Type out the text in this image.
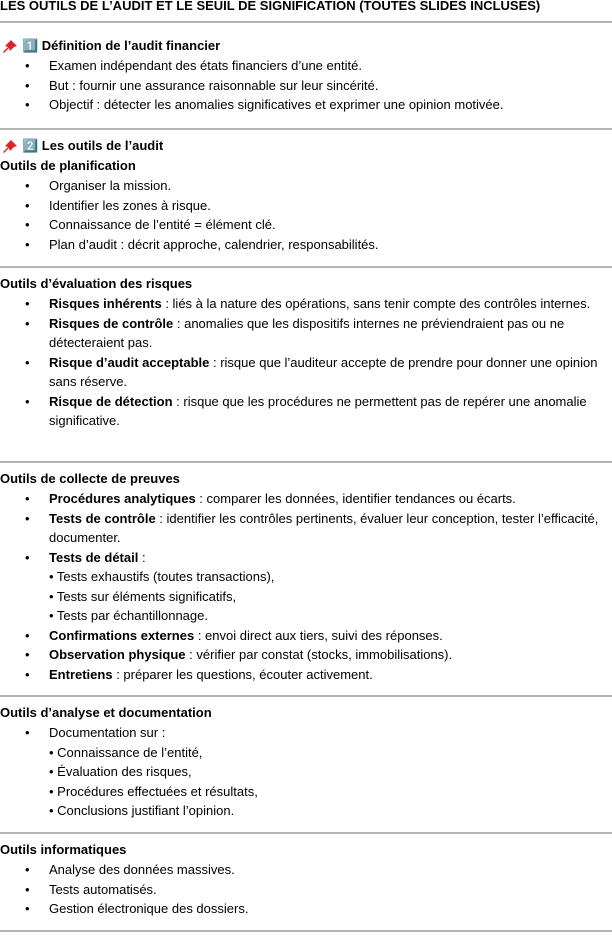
LES OUTILS DE L’AUDIT ET LE SEUIL DE SIGNIFICATION (TOUTES SLIDES INCLUSES)
1️⃣ Définition de l’audit financier
• Examen indépendant des états financiers d’une entité.
• But : fournir une assurance raisonnable sur leur sincérité.
• Objectif : détecter les anomalies significatives et exprimer une opinion motivée.
2️⃣ Les outils de l’audit
Outils de planification
• Organiser la mission.
• Identifier les zones à risque.
• Connaissance de l’entité = élément clé.
• Plan d’audit : décrit approche, calendrier, responsabilités.
Outils d’évaluation des risques
• Risques inhérents : liés à la nature des opérations, sans tenir compte des contrôles internes.
• Risques de contrôle : anomalies que les dispositifs internes ne préviendraient pas ou ne détecteraient pas.
• Risque d’audit acceptable : risque que l’auditeur accepte de prendre pour donner une opinion sans réserve.
• Risque de détection : risque que les procédures ne permettent pas de repérer une anomalie significative.
Outils de collecte de preuves
• Procédures analytiques : comparer les données, identifier tendances ou écarts.
• Tests de contrôle : identifier les contrôles pertinents, évaluer leur conception, tester l’efficacité, documenter.
• Tests de détail :
• Tests exhaustifs (toutes transactions),
• Tests sur éléments significatifs,
• Tests par échantillonnage.
• Confirmations externes : envoi direct aux tiers, suivi des réponses.
• Observation physique : vérifier par constat (stocks, immobilisations).
• Entretiens : préparer les questions, écouter activement.
Outils d’analyse et documentation
• Documentation sur :
• Connaissance de l’entité,
• Évaluation des risques,
• Procédures effectuées et résultats,
• Conclusions justifiant l’opinion.
Outils informatiques
• Analyse des données massives.
• Tests automatisés.
• Gestion électronique des dossiers.
